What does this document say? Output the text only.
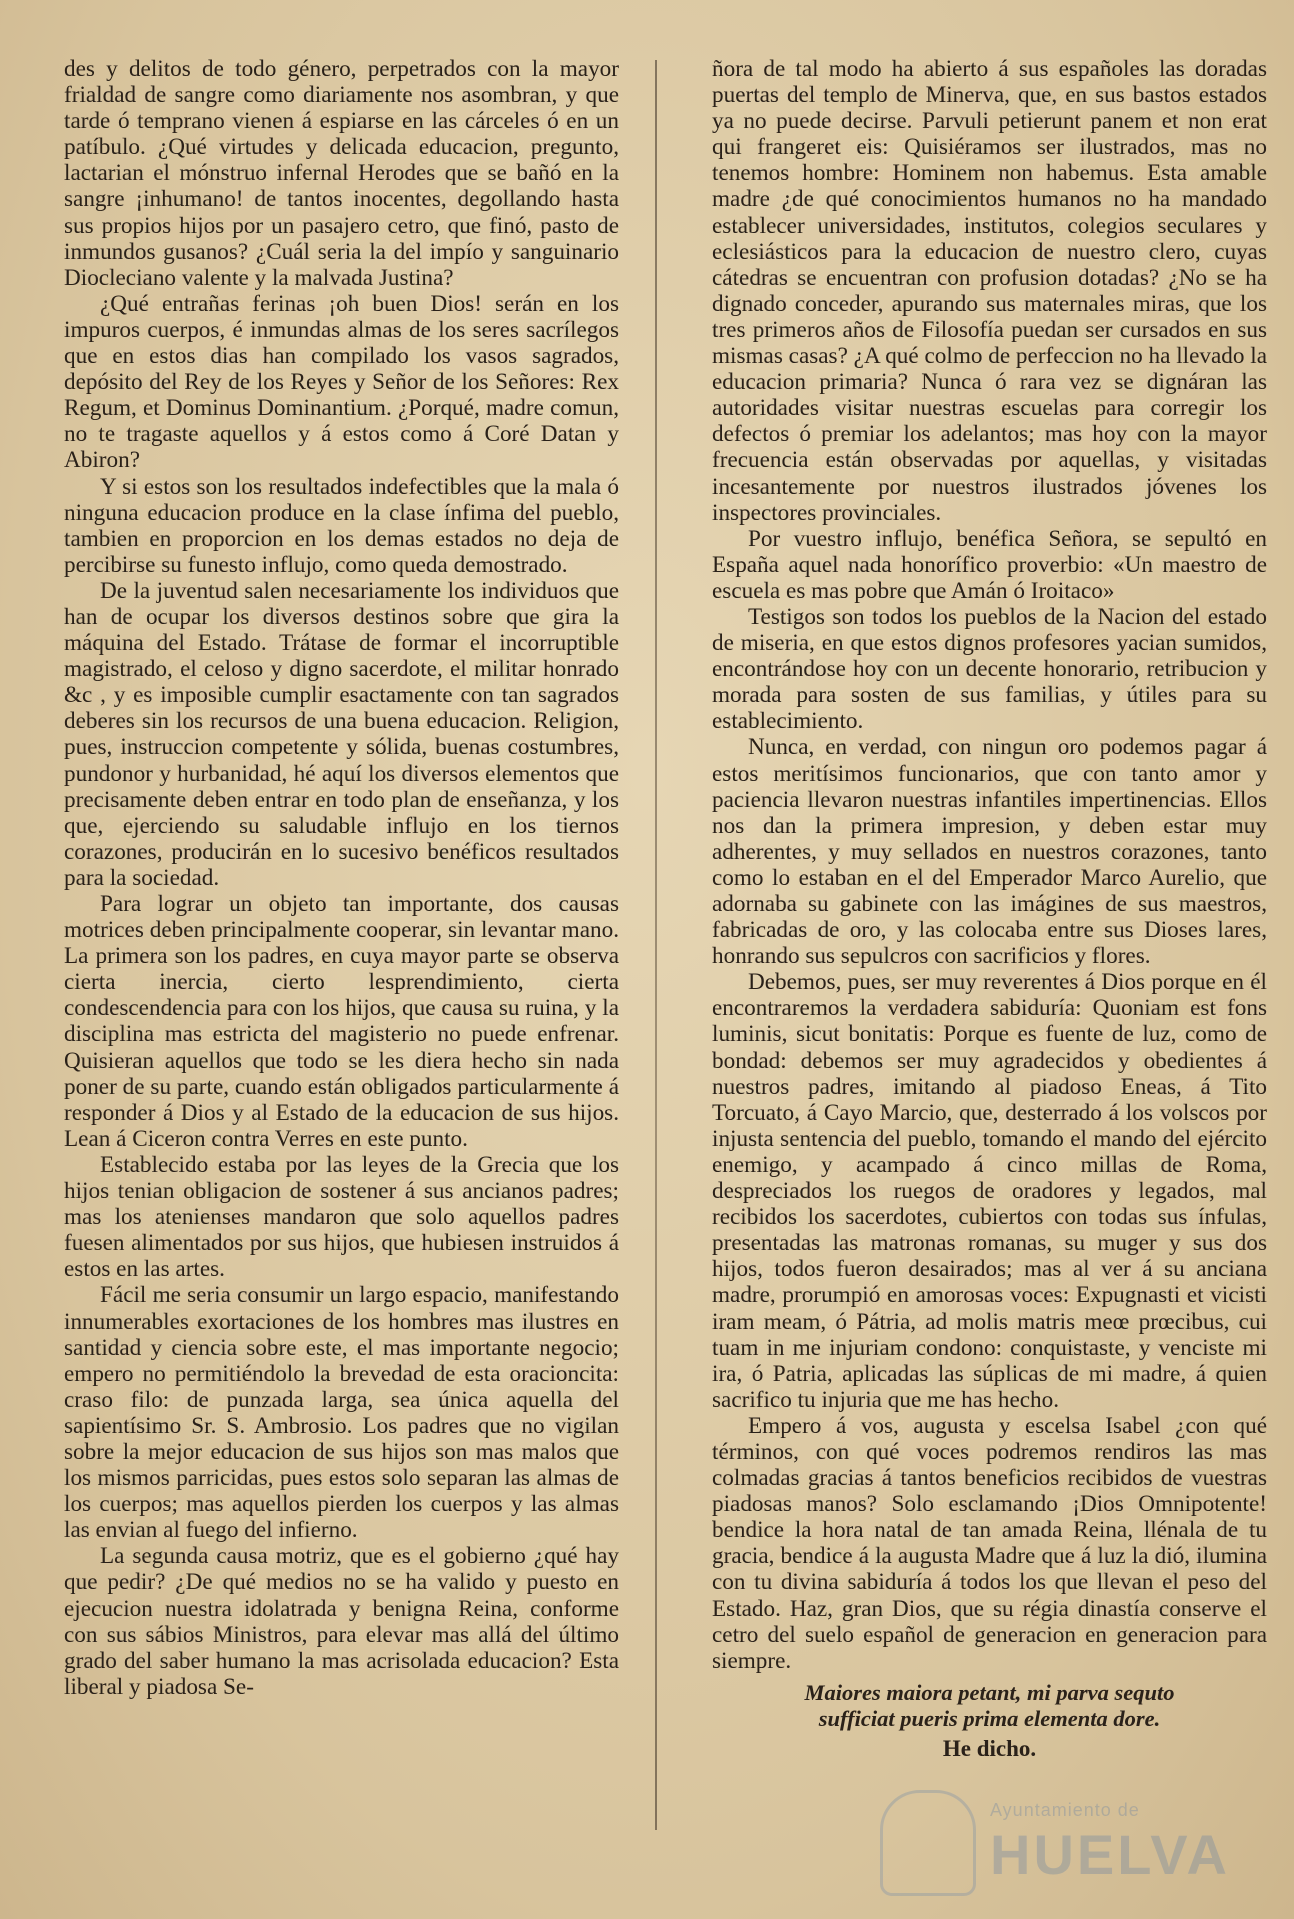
des y delitos de todo género, perpetrados con la mayor frialdad de sangre como diariamente nos asombran, y que tarde ó temprano vienen á espiarse en las cárceles ó en un patíbulo. ¿Qué virtudes y delicada educacion, pregunto, lactarian el mónstruo infernal Herodes que se bañó en la sangre ¡inhumano! de tantos inocentes, degollando hasta sus propios hijos por un pasajero cetro, que finó, pasto de inmundos gusanos? ¿Cuál seria la del impío y sanguinario Diocleciano valente y la malvada Justina?

¿Qué entrañas ferinas ¡oh buen Dios! serán en los impuros cuerpos, é inmundas almas de los seres sacrílegos que en estos dias han compilado los vasos sagrados, depósito del Rey de los Reyes y Señor de los Señores: Rex Regum, et Dominus Dominantium. ¿Porqué, madre comun, no te tragaste aquellos y á estos como á Coré Datan y Abiron?

Y si estos son los resultados indefectibles que la mala ó ninguna educacion produce en la clase ínfima del pueblo, tambien en proporcion en los demas estados no deja de percibirse su funesto influjo, como queda demostrado.

De la juventud salen necesariamente los individuos que han de ocupar los diversos destinos sobre que gira la máquina del Estado. Trátase de formar el incorruptible magistrado, el celoso y digno sacerdote, el militar honrado &c , y es imposible cumplir esactamente con tan sagrados deberes sin los recursos de una buena educacion. Religion, pues, instruccion competente y sólida, buenas costumbres, pundonor y hurbanidad, hé aquí los diversos elementos que precisamente deben entrar en todo plan de enseñanza, y los que, ejerciendo su saludable influjo en los tiernos corazones, producirán en lo sucesivo benéficos resultados para la sociedad.

Para lograr un objeto tan importante, dos causas motrices deben principalmente cooperar, sin levantar mano. La primera son los padres, en cuya mayor parte se observa cierta inercia, cierto lesprendimiento, cierta condescendencia para con los hijos, que causa su ruina, y la disciplina mas estricta del magisterio no puede enfrenar. Quisieran aquellos que todo se les diera hecho sin nada poner de su parte, cuando están obligados particularmente á responder á Dios y al Estado de la educacion de sus hijos. Lean á Ciceron contra Verres en este punto.

Establecido estaba por las leyes de la Grecia que los hijos tenian obligacion de sostener á sus ancianos padres; mas los atenienses mandaron que solo aquellos padres fuesen alimentados por sus hijos, que hubiesen instruidos á estos en las artes.

Fácil me seria consumir un largo espacio, manifestando innumerables exortaciones de los hombres mas ilustres en santidad y ciencia sobre este, el mas importante negocio; empero no permitiéndolo la brevedad de esta oracioncita: craso filo: de punzada larga, sea única aquella del sapientísimo Sr. S. Ambrosio. Los padres que no vigilan sobre la mejor educacion de sus hijos son mas malos que los mismos parricidas, pues estos solo separan las almas de los cuerpos; mas aquellos pierden los cuerpos y las almas las envian al fuego del infierno.

La segunda causa motriz, que es el gobierno ¿qué hay que pedir? ¿De qué medios no se ha valido y puesto en ejecucion nuestra idolatrada y benigna Reina, conforme con sus sábios Ministros, para elevar mas allá del último grado del saber humano la mas acrisolada educacion? Esta liberal y piadosa Se-

ñora de tal modo ha abierto á sus españoles las doradas puertas del templo de Minerva, que, en sus bastos estados ya no puede decirse. Parvuli petierunt panem et non erat qui frangeret eis: Quisiéramos ser ilustrados, mas no tenemos hombre: Hominem non habemus. Esta amable madre ¿de qué conocimientos humanos no ha mandado establecer universidades, institutos, colegios seculares y eclesiásticos para la educacion de nuestro clero, cuyas cátedras se encuentran con profusion dotadas? ¿No se ha dignado conceder, apurando sus maternales miras, que los tres primeros años de Filosofía puedan ser cursados en sus mismas casas? ¿A qué colmo de perfeccion no ha llevado la educacion primaria? Nunca ó rara vez se dignáran las autoridades visitar nuestras escuelas para corregir los defectos ó premiar los adelantos; mas hoy con la mayor frecuencia están observadas por aquellas, y visitadas incesantemente por nuestros ilustrados jóvenes los inspectores provinciales.

Por vuestro influjo, benéfica Señora, se sepultó en España aquel nada honorífico proverbio: «Un maestro de escuela es mas pobre que Amán ó Iroitaco»

Testigos son todos los pueblos de la Nacion del estado de miseria, en que estos dignos profesores yacian sumidos, encontrándose hoy con un decente honorario, retribucion y morada para sosten de sus familias, y útiles para su establecimiento.

Nunca, en verdad, con ningun oro podemos pagar á estos meritísimos funcionarios, que con tanto amor y paciencia llevaron nuestras infantiles impertinencias. Ellos nos dan la primera impresion, y deben estar muy adherentes, y muy sellados en nuestros corazones, tanto como lo estaban en el del Emperador Marco Aurelio, que adornaba su gabinete con las imágines de sus maestros, fabricadas de oro, y las colocaba entre sus Dioses lares, honrando sus sepulcros con sacrificios y flores.

Debemos, pues, ser muy reverentes á Dios porque en él encontraremos la verdadera sabiduría: Quoniam est fons luminis, sicut bonitatis: Porque es fuente de luz, como de bondad: debemos ser muy agradecidos y obedientes á nuestros padres, imitando al piadoso Eneas, á Tito Torcuato, á Cayo Marcio, que, desterrado á los volscos por injusta sentencia del pueblo, tomando el mando del ejército enemigo, y acampado á cinco millas de Roma, despreciados los ruegos de oradores y legados, mal recibidos los sacerdotes, cubiertos con todas sus ínfulas, presentadas las matronas romanas, su muger y sus dos hijos, todos fueron desairados; mas al ver á su anciana madre, prorumpió en amorosas voces: Expugnasti et vicisti iram meam, ó Pátria, ad molis matris meœ prœcibus, cui tuam in me injuriam condono: conquistaste, y venciste mi ira, ó Patria, aplicadas las súplicas de mi madre, á quien sacrifico tu injuria que me has hecho.

Empero á vos, augusta y escelsa Isabel ¿con qué términos, con qué voces podremos rendiros las mas colmadas gracias á tantos beneficios recibidos de vuestras piadosas manos? Solo esclamando ¡Dios Omnipotente! bendice la hora natal de tan amada Reina, llénala de tu gracia, bendice á la augusta Madre que á luz la dió, ilumina con tu divina sabiduría á todos los que llevan el peso del Estado. Haz, gran Dios, que su régia dinastía conserve el cetro del suelo español de generacion en generacion para siempre.

Maiores maiora petant, mi parva sequto
sufficiat pueris prima elementa dore.
He dicho.
Ayuntamiento de
HUELVA
